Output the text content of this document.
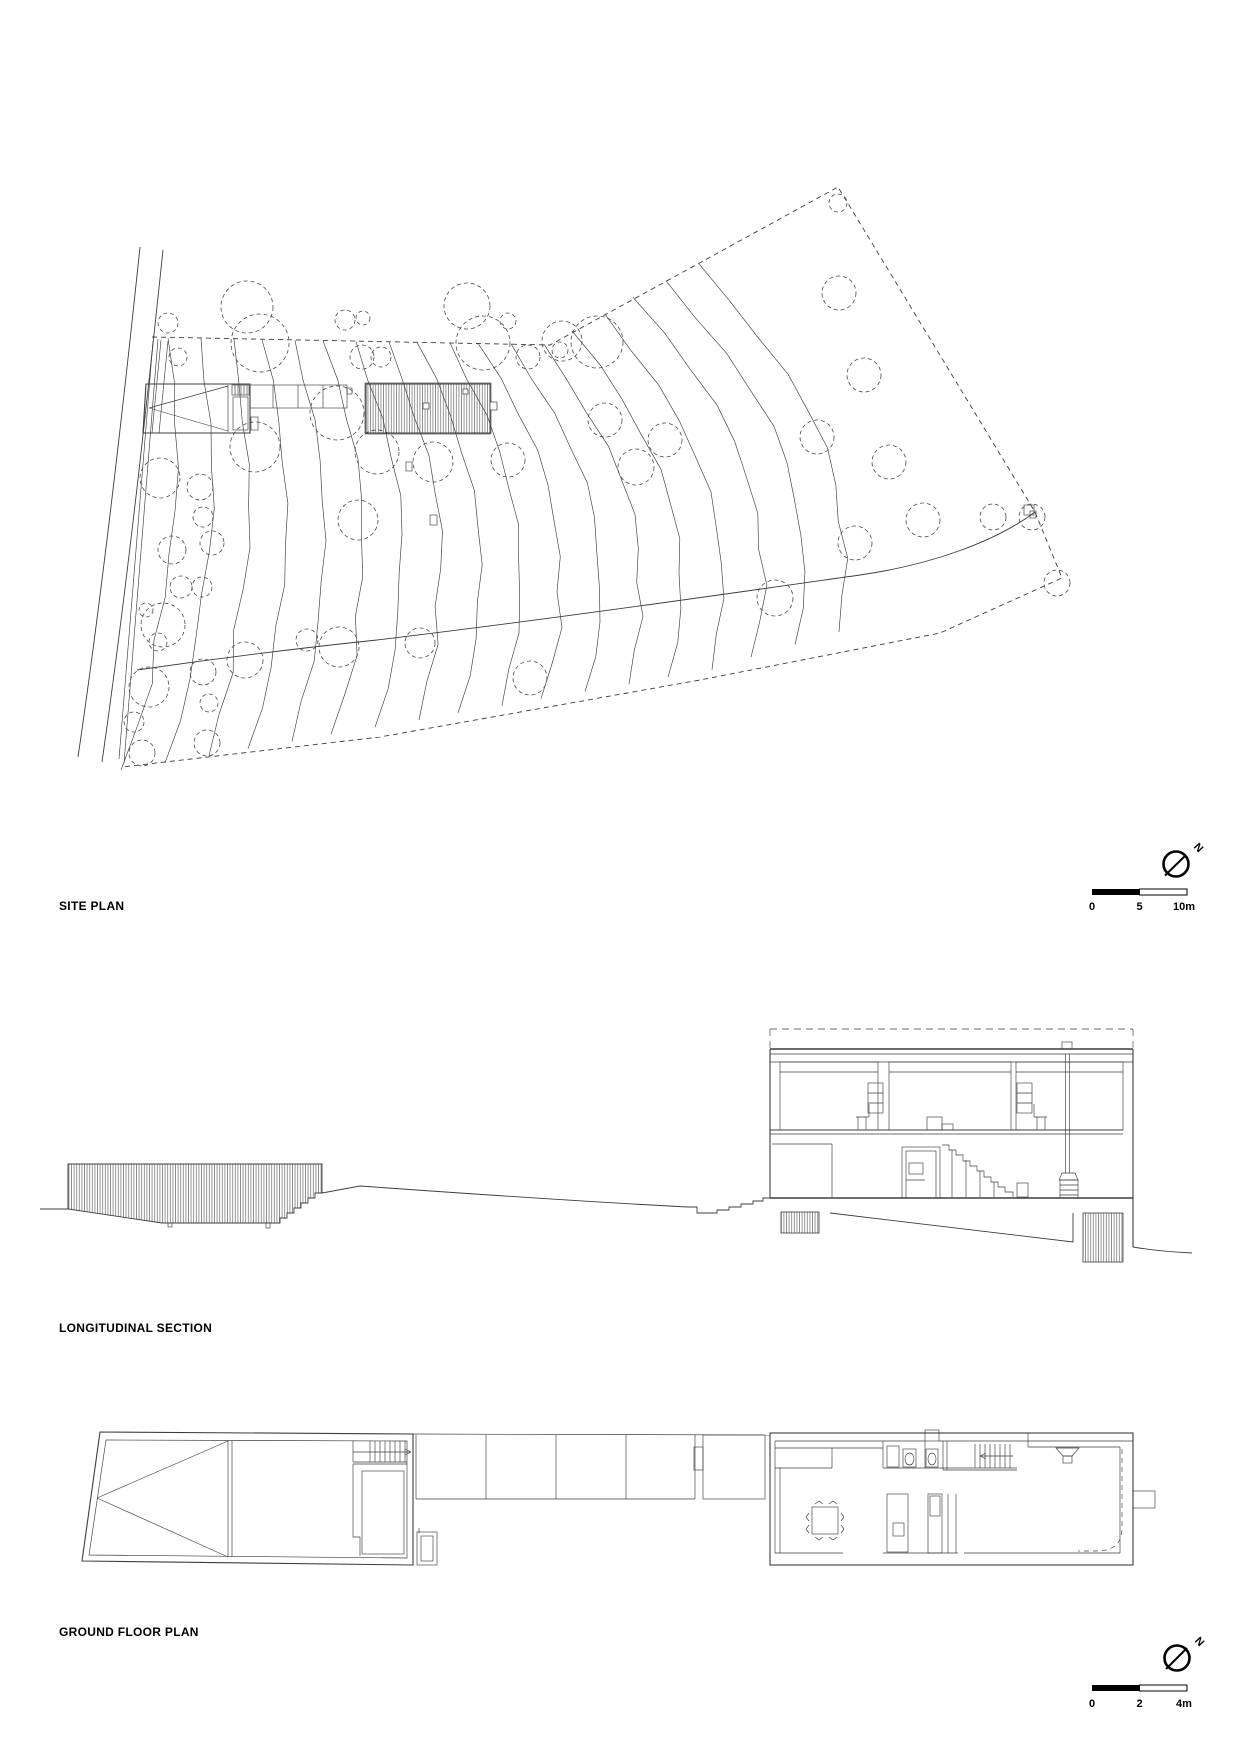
SITE PLAN
LONGITUDINAL SECTION
GROUND FLOOR PLAN
N
0	5	10m
N
0	2	4m
